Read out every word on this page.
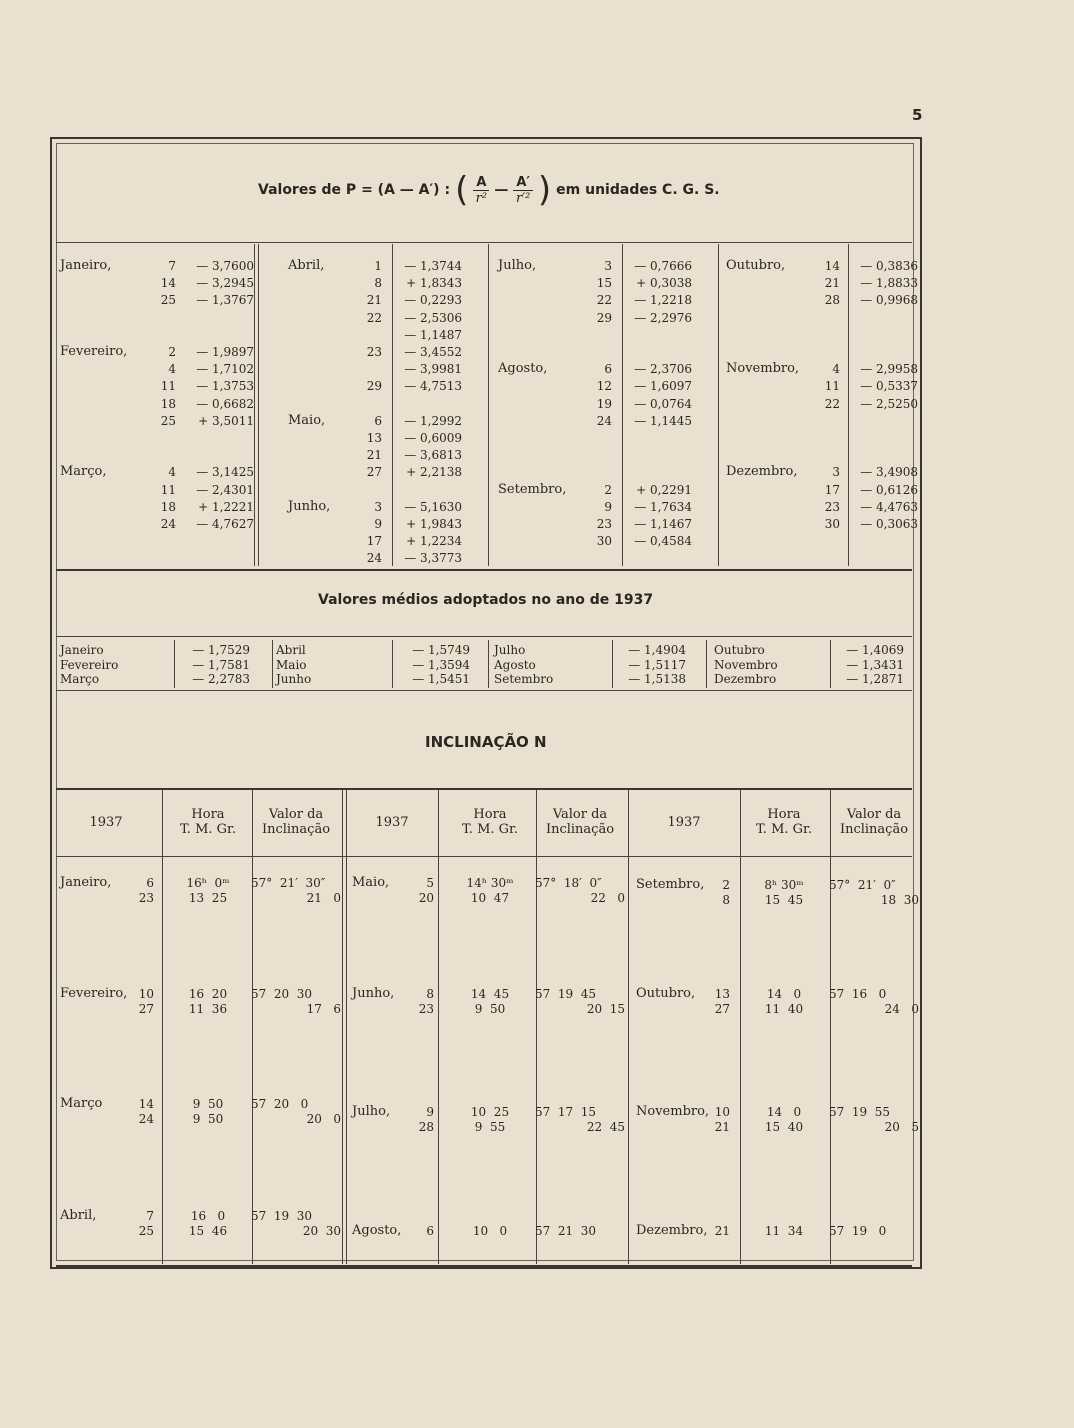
5
Valores de P = (A — A′) : ( $\frac{A}{\text{r²}}$ — $\frac{A'}{\text{r′²}}$ ) em unidades C. G. S.
Janeiro,	7	— 3,7600
14	— 3,2945
25	— 1,3767
Fevereiro,	2	— 1,9897
4	— 1,7102
11	— 1,3753
18	— 0,6682
25	+ 3,5011
Março,	4	— 3,1425
11	— 2,4301
18	+ 1,2221
24	— 4,7627
Abril,	1	— 1,3744
8	+ 1,8343
21	— 0,2293
22	— 2,5306
— 1,1487
23	— 3,4552
— 3,9981
29	— 4,7513
Maio,	6	— 1,2992
13	— 0,6009
21	— 3,6813
27	+ 2,2138
Junho,	3	— 5,1630
9	+ 1,9843
17	+ 1,2234
24	— 3,3773
Julho,	3	— 0,7666
15	+ 0,3038
22	— 1,2218
29	— 2,2976
Agosto,	6	— 2,3706
12	— 1,6097
19	— 0,0764
24	— 1,1445
Setembro,	2	+ 0,2291
9	— 1,7634
23	— 1,1467
30	— 0,4584
Outubro,	14	— 0,3836
21	— 1,8833
28	— 0,9968
Novembro,	4	— 2,9958
11	— 0,5337
22	— 2,5250
Dezembro,	3	— 3,4908
17	— 0,6126
23	— 4,4763
30	— 0,3063
Valores médios adoptados no ano de 1937
Janeiro	— 1,7529
Fevereiro	— 1,7581
Março	— 2,2783
Abril	— 1,5749
Maio	— 1,3594
Junho	— 1,5451
Julho	— 1,4904
Agosto	— 1,5117
Setembro	— 1,5138
Outubro	— 1,4069
Novembro	— 1,3431
Dezembro	— 1,2871
INCLINAÇÃO N
1937
Hora
T. M. Gr.
Valor da
Inclinação	1937
Hora
T. M. Gr.
Valor da
Inclinação	1937
Hora
T. M. Gr.
Valor da
Inclinação
Janeiro,	6	16ʰ  0ᵐ	57°  21′  30″
23	13  25	21   0
Fevereiro, 10	16  20	57  20  30
27	11  36	17   6
Março	14	9  50	57  20   0
24	9  50	20   0
Abril,	7	16   0	57  19  30
25	15  46	20  30
Maio,	5	14ʰ 30ᵐ	57°  18′  0″
20	10  47	22   0
Junho,	8	14  45	57  19  45
23	9  50	20  15
Julho,	9	10  25	57  17  15
28	9  55	22  45
Agosto,	6	10   0	57  21  30
Setembro,	2	8ʰ 30ᵐ	57°  21′  0″
8	15  45	18  30
Outubro,	13	14   0	57  16   0
27	11  40	24   0
Novembro, 10	14   0	57  19  55
21	15  40	20   5
Dezembro, 21	11  34	57  19   0
